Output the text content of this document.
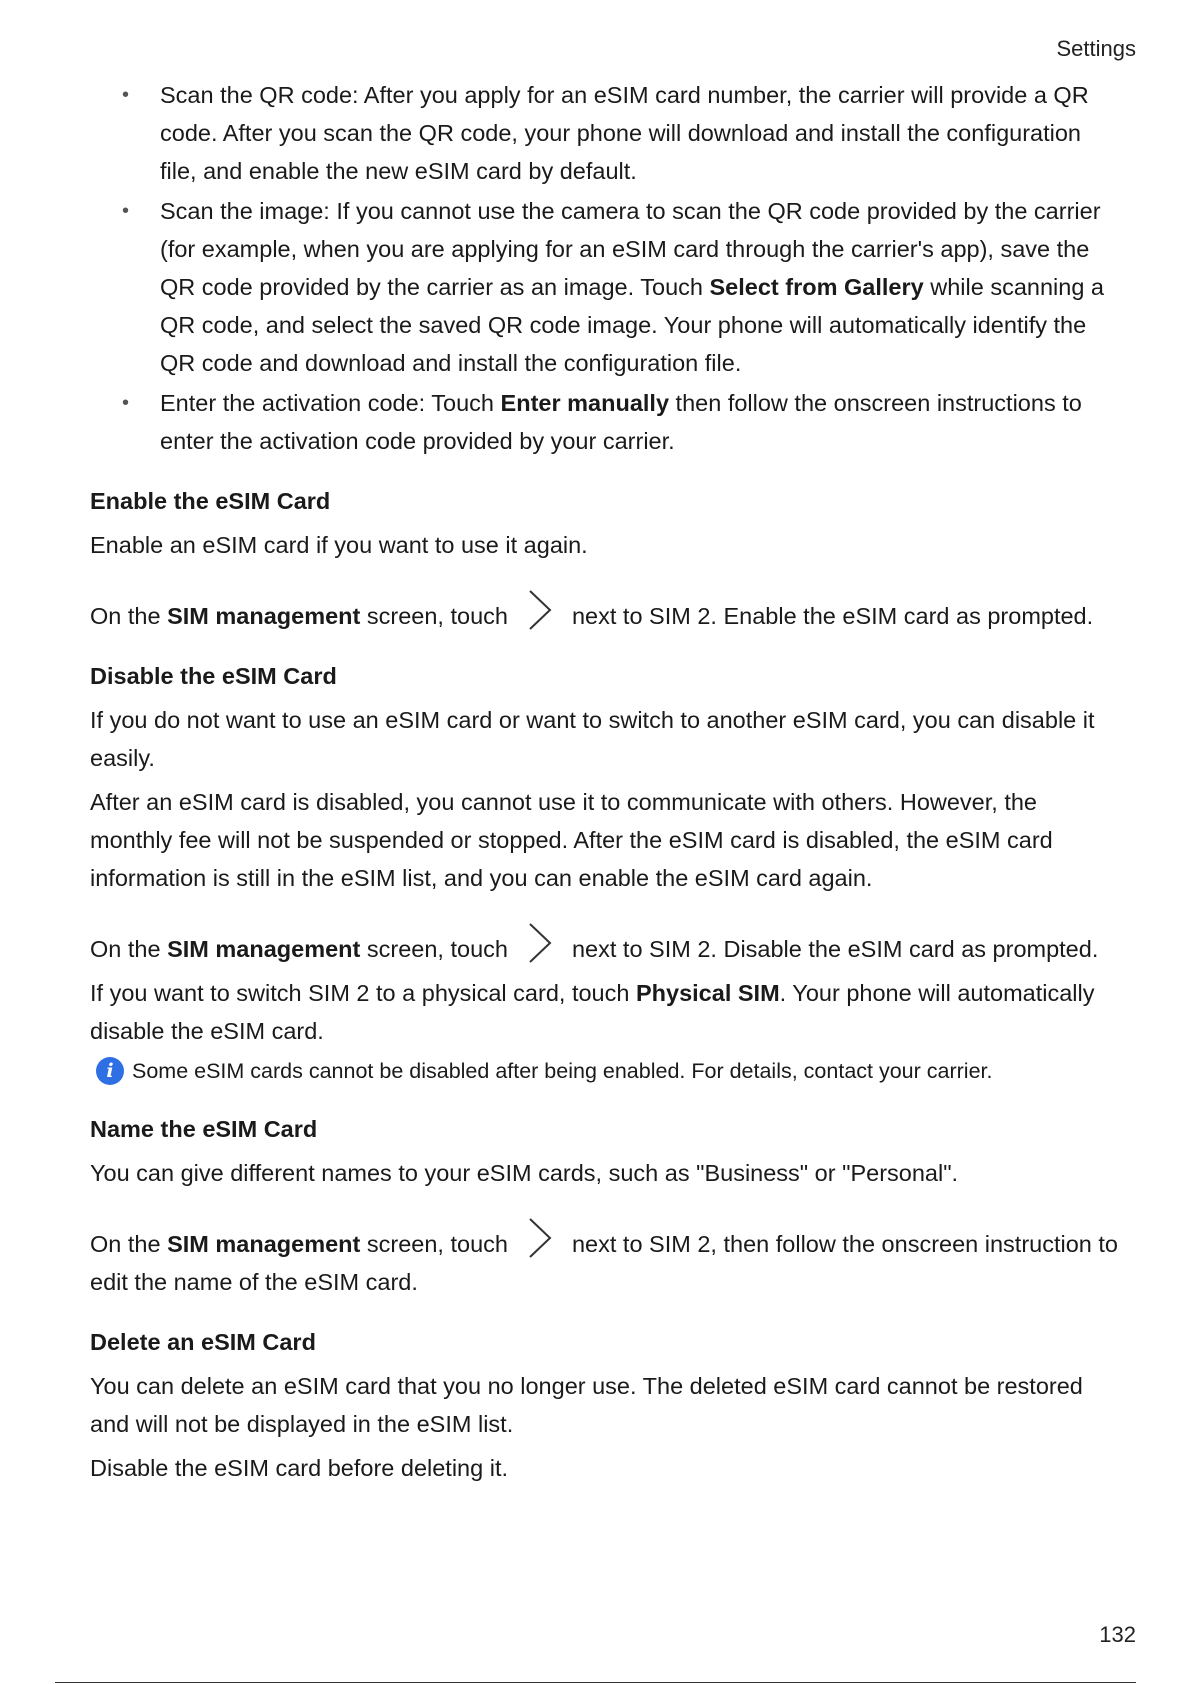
Settings
• Scan the QR code: After you apply for an eSIM card number, the carrier will provide a QR code. After you scan the QR code, your phone will download and install the configuration file, and enable the new eSIM card by default.
• Scan the image: If you cannot use the camera to scan the QR code provided by the carrier (for example, when you are applying for an eSIM card through the carrier's app), save the QR code provided by the carrier as an image. Touch Select from Gallery while scanning a QR code, and select the saved QR code image. Your phone will automatically identify the QR code and download and install the configuration file.
• Enter the activation code: Touch Enter manually then follow the onscreen instructions to enter the activation code provided by your carrier.
Enable the eSIM Card

Enable an eSIM card if you want to use it again.

On the SIM management screen, touch	next to SIM 2. Enable the eSIM card as prompted.

Disable the eSIM Card

If you do not want to use an eSIM card or want to switch to another eSIM card, you can disable it easily.

After an eSIM card is disabled, you cannot use it to communicate with others. However, the monthly fee will not be suspended or stopped. After the eSIM card is disabled, the eSIM card information is still in the eSIM list, and you can enable the eSIM card again.

On the SIM management screen, touch	next to SIM 2. Disable the eSIM card as prompted.

If you want to switch SIM 2 to a physical card, touch Physical SIM. Your phone will automatically disable the eSIM card.

i Some eSIM cards cannot be disabled after being enabled. For details, contact your carrier.
Name the eSIM Card

You can give different names to your eSIM cards, such as "Business" or "Personal".

On the SIM management screen, touch	next to SIM 2, then follow the onscreen instruction to edit the name of the eSIM card.

Delete an eSIM Card

You can delete an eSIM card that you no longer use. The deleted eSIM card cannot be restored and will not be displayed in the eSIM list.

Disable the eSIM card before deleting it.

132
